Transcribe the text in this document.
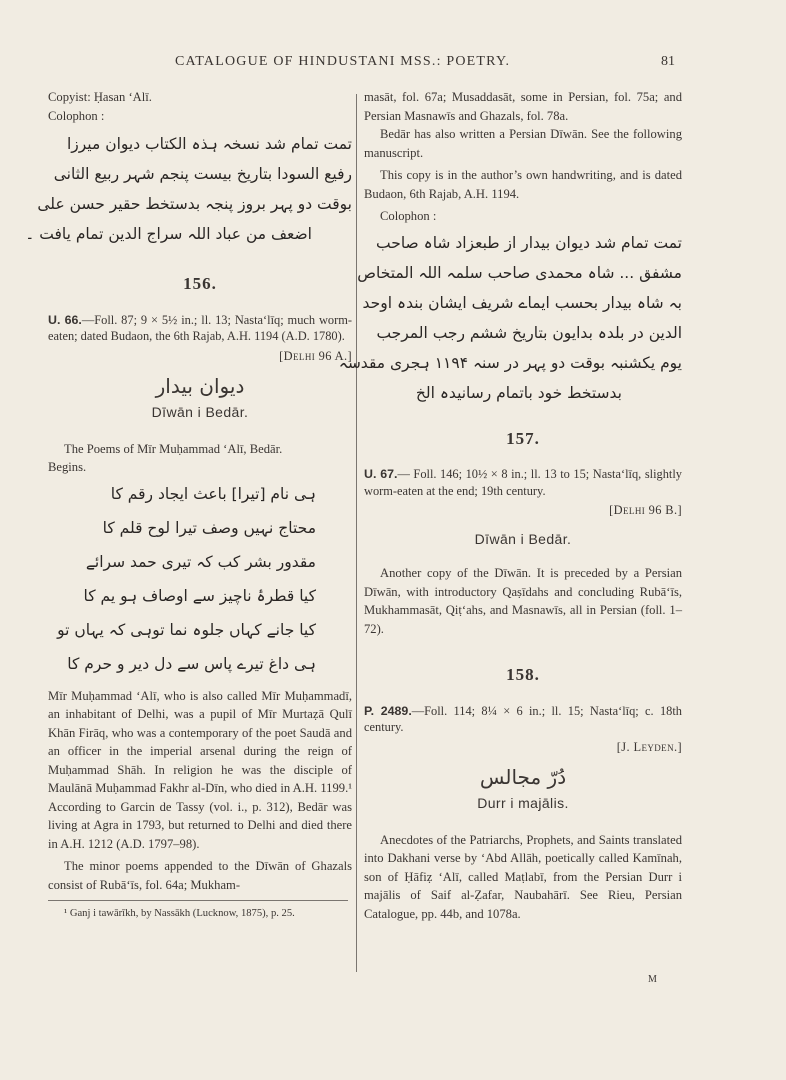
CATALOGUE OF HINDUSTANI MSS.: POETRY.	81

Copyist: Ḥasan ‘Alī.

Colophon :

تمت تمام شد نسخہ ہذہ الکتاب دیوان میرزا

رفیع السودا بتاریخ بیست پنجم شہر ربیع الثانی

بوقت دو پہر بروز پنجہ بدستخط حقیر حسن علی

اضعف من عباد اللہ سراج الدین تمام یافت ۔

156.

U. 66.—Foll. 87; 9 × 5½ in.; ll. 13; Nasta‘līq; much worm-eaten; dated Budaon, the 6th Rajab, A.H. 1194 (A.D. 1780).

[Delhi 96 A.]

دیوان بیدار

Dīwān i Bedār.

The Poems of Mīr Muḥammad ‘Alī, Bedār.

Begins.

ہی نام [تیرا] باعث ایجاد رقم کا

محتاج نہیں وصف تیرا لوح قلم کا

مقدور بشر کب کہ تیری حمد سرائے

کیا قطرۂ ناچیز سے اوصاف ہو یم کا

کیا جانے کہاں جلوہ نما توہی کہ یہاں تو

ہی داغ تیرے پاس سے دل دیر و حرم کا

Mīr Muḥammad ‘Alī, who is also called Mīr Muḥammadī, an inhabitant of Delhi, was a pupil of Mīr Murtaẓā Qulī Khān Firāq, who was a contemporary of the poet Saudā and an officer in the imperial arsenal during the reign of Muḥammad Shāh. In religion he was the disciple of Maulānā Muḥammad Fakhr al-Dīn, who died in A.H. 1199.¹ According to Garcin de Tassy (vol. i., p. 312), Bedār was living at Agra in 1793, but returned to Delhi and died there in A.H. 1212 (A.D. 1797–98).

The minor poems appended to the Dīwān of Ghazals consist of Rubā‘īs, fol. 64a; Mukham-

¹ Ganj i tawārīkh, by Nassākh (Lucknow, 1875), p. 25.

masāt, fol. 67a; Musaddasāt, some in Persian, fol. 75a; and Persian Masnawīs and Ghazals, fol. 78a.

Bedār has also written a Persian Dīwān. See the following manuscript.

This copy is in the author’s own handwriting, and is dated Budaon, 6th Rajab, A.H. 1194.

Colophon :

تمت تمام شد دیوان بیدار از طبعزاد شاہ صاحب

مشفق ... شاہ محمدی صاحب سلمہ اللہ المتخاص

بہ شاہ بیدار بحسب ایماے شریف ایشان بندہ اوحد

الدین در بلدہ بدایون بتاریخ ششم رجب المرجب

یوم یکشنبہ بوقت دو پہر در سنہ ۱۱۹۴ ہجری مقدسہ

بدستخط خود باتمام رسانیدہ الخ

157.

U. 67.— Foll. 146; 10½ × 8 in.; ll. 13 to 15; Nasta‘līq, slightly worm-eaten at the end; 19th century.

[Delhi 96 B.]

Dīwān i Bedār.

Another copy of the Dīwān. It is preceded by a Persian Dīwān, with introductory Qaṣīdahs and concluding Rubā‘īs, Mukhammasāt, Qiṭ‘ahs, and Masnawīs, all in Persian (foll. 1–72).

158.

P. 2489.—Foll. 114; 8¼ × 6 in.; ll. 15; Nasta‘līq; c. 18th century.

[J. Leyden.]

دُرّ مجالس

Durr i majālis.

Anecdotes of the Patriarchs, Prophets, and Saints translated into Dakhani verse by ‘Abd Allāh, poetically called Kamīnah, son of Ḥāfiẓ ‘Alī, called Maṭlabī, from the Persian Durr i majālis of Saif al-Ẓafar, Naubahārī. See Rieu, Persian Catalogue, pp. 44b, and 1078a.

M
